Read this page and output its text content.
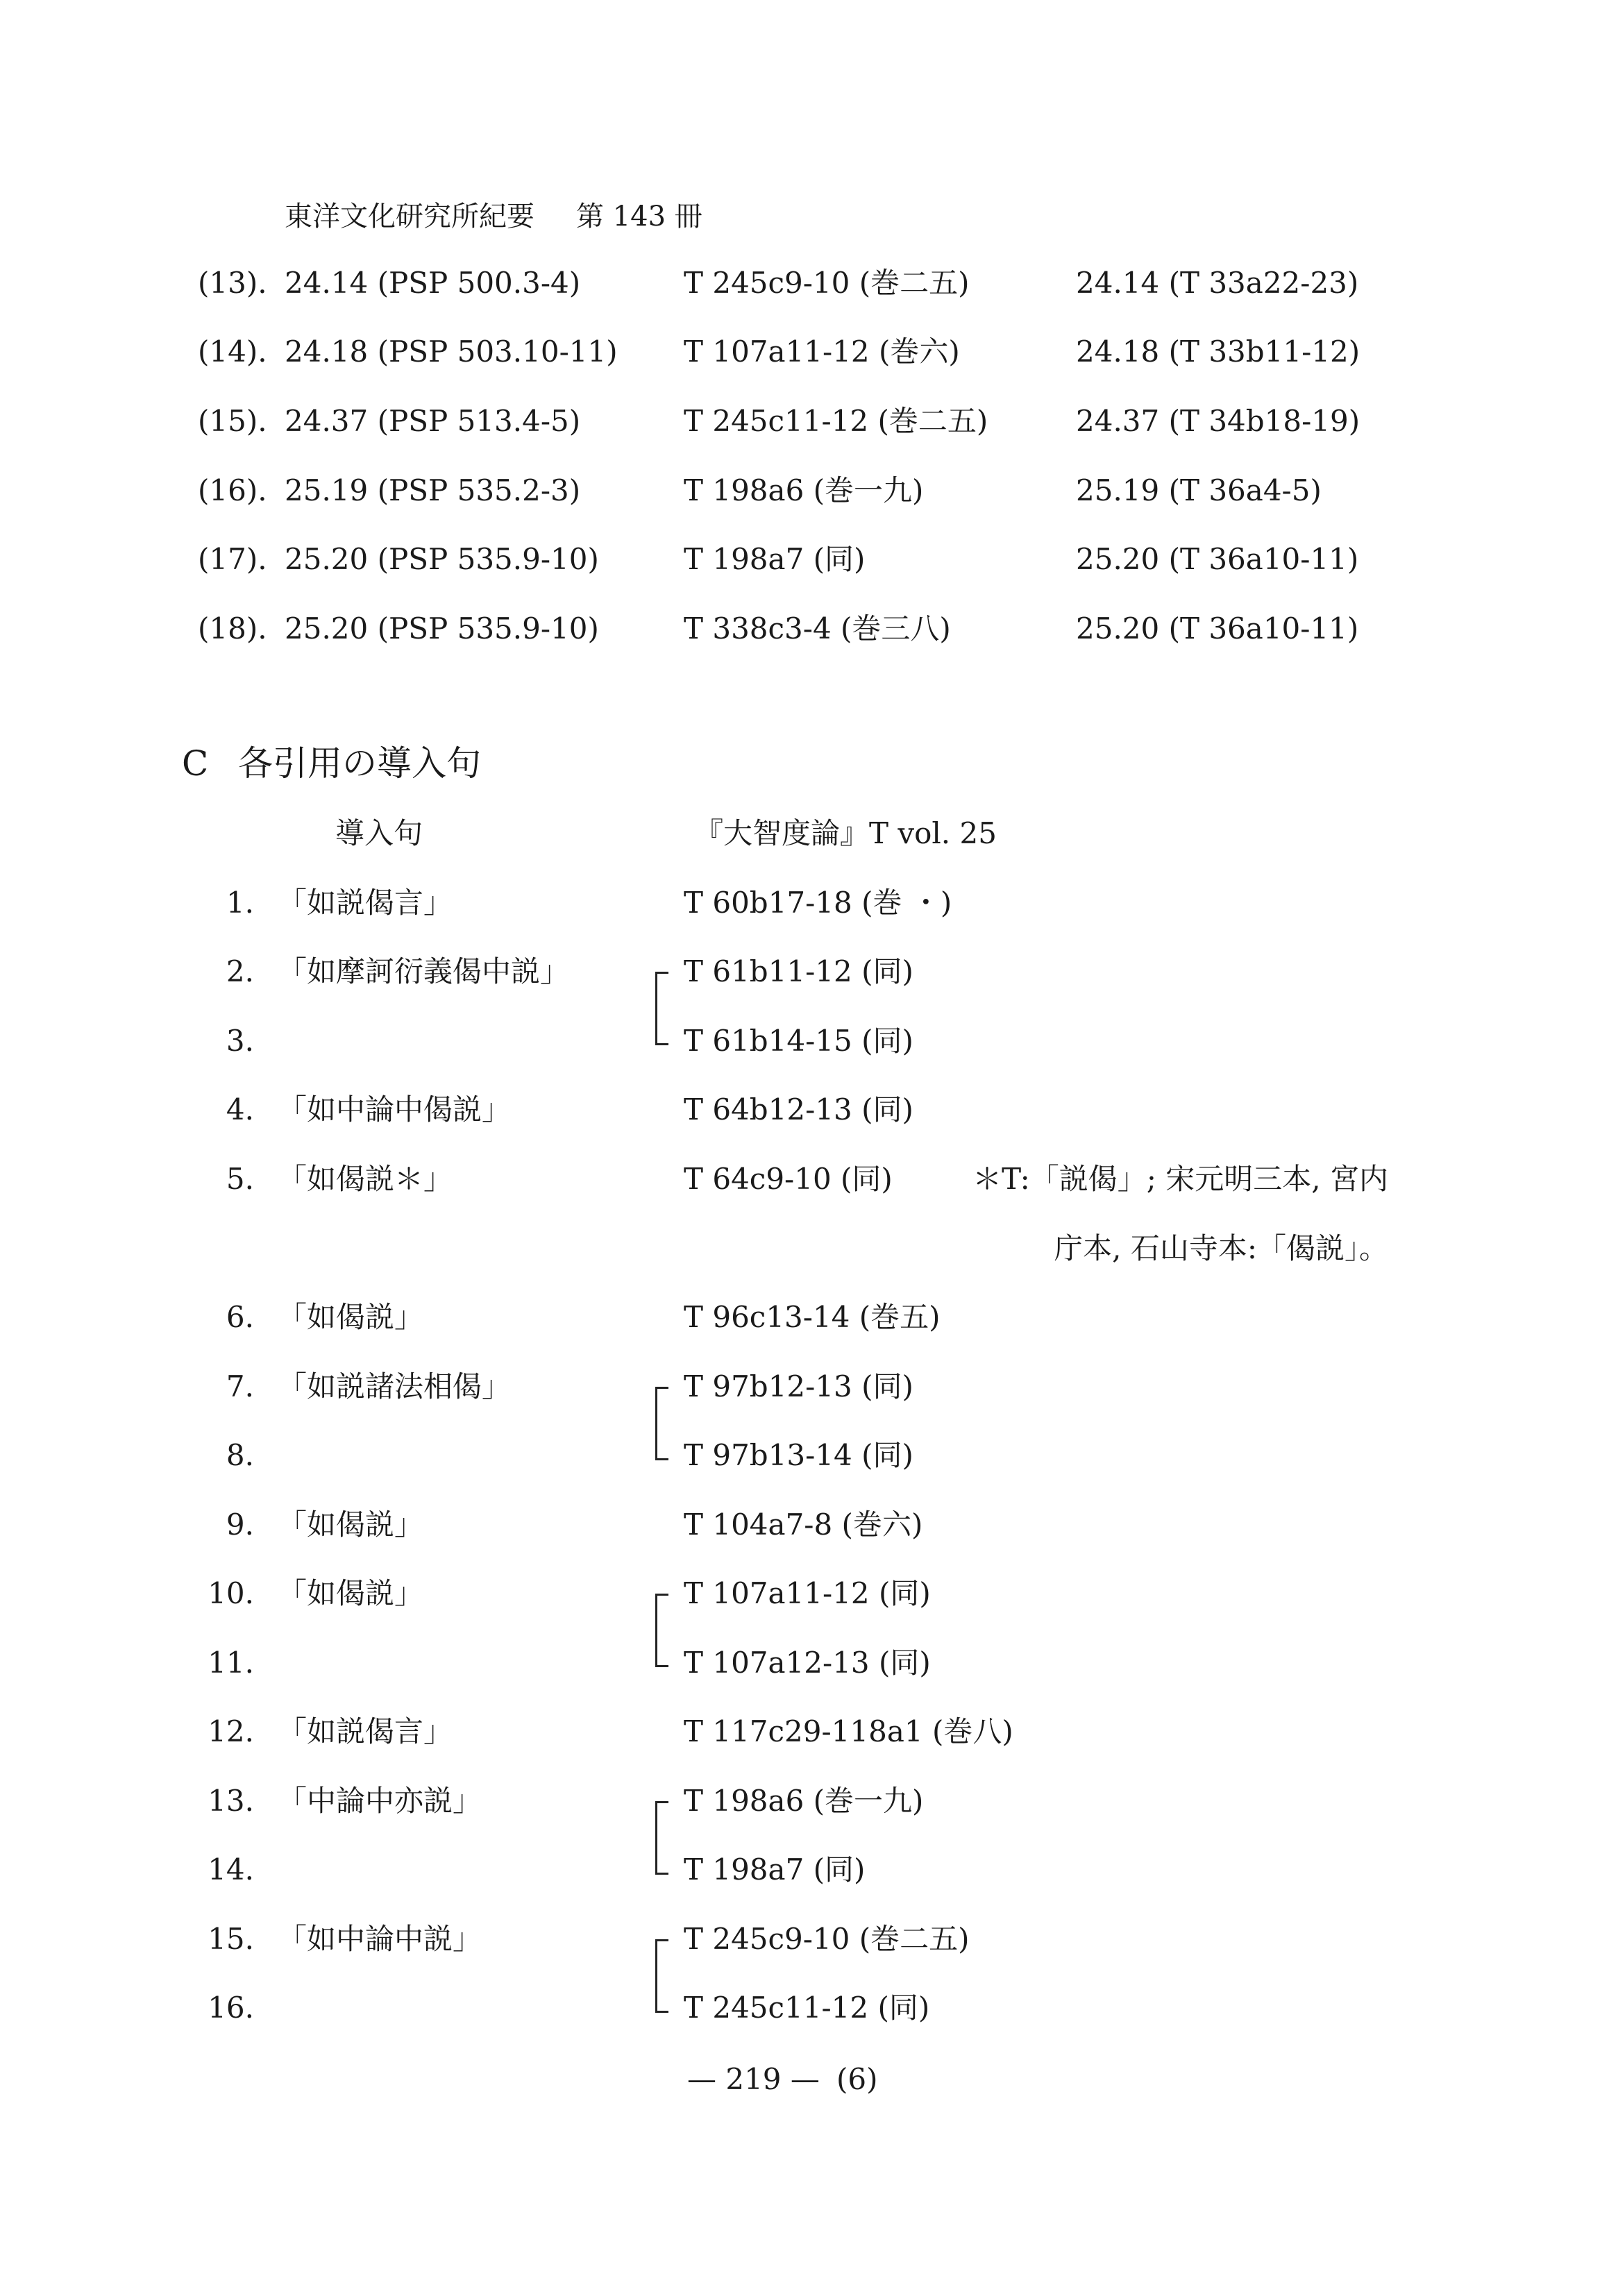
東洋文化研究所紀要 第 143 冊
(13). 24.14 (PSP 500.3-4)	T 245c9-10 (巻二五)	24.14 (T 33a22-23)
(14). 24.18 (PSP 503.10-11) T 107a11-12 (巻六)	24.18 (T 33b11-12)
(15). 24.37 (PSP 513.4-5)	T 245c11-12 (巻二五)	24.37 (T 34b18-19)
(16). 25.19 (PSP 535.2-3)	T 198a6 (巻一九)	25.19 (T 36a4-5)
(17). 25.20 (PSP 535.9-10)	T 198a7 (同)	25.20 (T 36a10-11)
(18). 25.20 (PSP 535.9-10)	T 338c3-4 (巻三八)	25.20 (T 36a10-11)
C 各引用の導入句
導入句	『大智度論』T vol. 25
1. 「如説偈言」	T 60b17-18 (巻 ・)
2. 「如摩訶衍義偈中説」	T 61b11-12 (同)
3.	T 61b14-15 (同)
4. 「如中論中偈説」	T 64b12-13 (同)
5. 「如偈説＊」	T 64c9-10 (同)	＊T:「説偈」; 宋元明三本, 宮内
庁本, 石山寺本:「偈説」。
6. 「如偈説」	T 96c13-14 (巻五)
7. 「如説諸法相偈」	T 97b12-13 (同)
8.	T 97b13-14 (同)
9. 「如偈説」	T 104a7-8 (巻六)
10. 「如偈説」	T 107a11-12 (同)
11.	T 107a12-13 (同)
12. 「如説偈言」	T 117c29-118a1 (巻八)
13. 「中論中亦説」	T 198a6 (巻一九)
14.	T 198a7 (同)
15. 「如中論中説」	T 245c9-10 (巻二五)
16.	T 245c11-12 (同)
— 219 — (6)
